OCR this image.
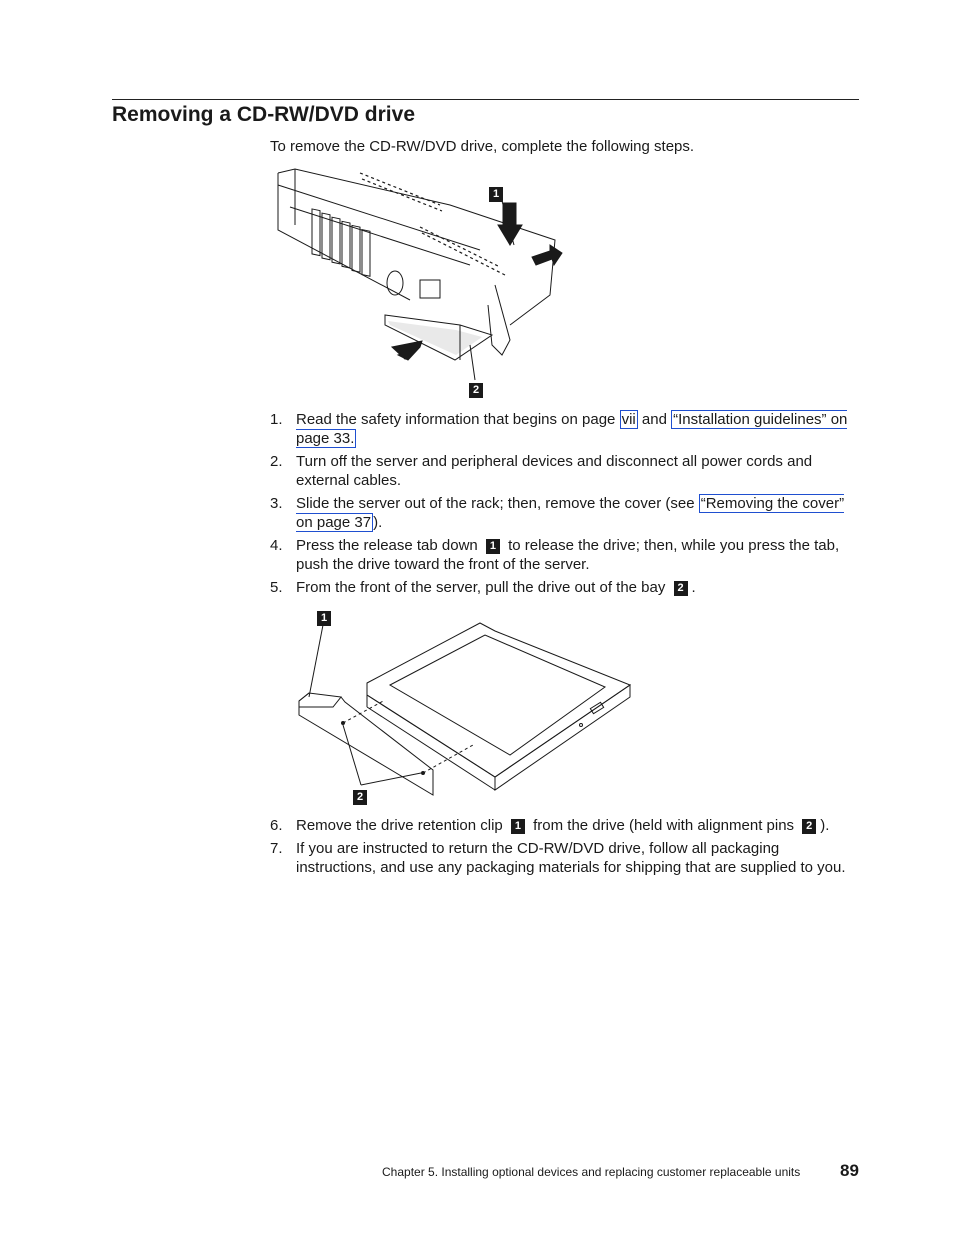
Removing a CD-RW/DVD drive
To remove the CD-RW/DVD drive, complete the following steps.
1
2
1. Read the safety information that begins on page vii and “Installation guidelines” on page 33.
2. Turn off the server and peripheral devices and disconnect all power cords and external cables.
3. Slide the server out of the rack; then, remove the cover (see “Removing the cover” on page 37 ).
4. Press the release tab down 1 to release the drive; then, while you press the tab, push the drive toward the front of the server.
5. From the front of the server, pull the drive out of the bay 2 .
1
2
6. Remove the drive retention clip 1 from the drive (held with alignment pins 2 ).
7. If you are instructed to return the CD-RW/DVD drive, follow all packaging instructions, and use any packaging materials for shipping that are supplied to you.
Chapter 5. Installing optional devices and replacing customer replaceable units 89
